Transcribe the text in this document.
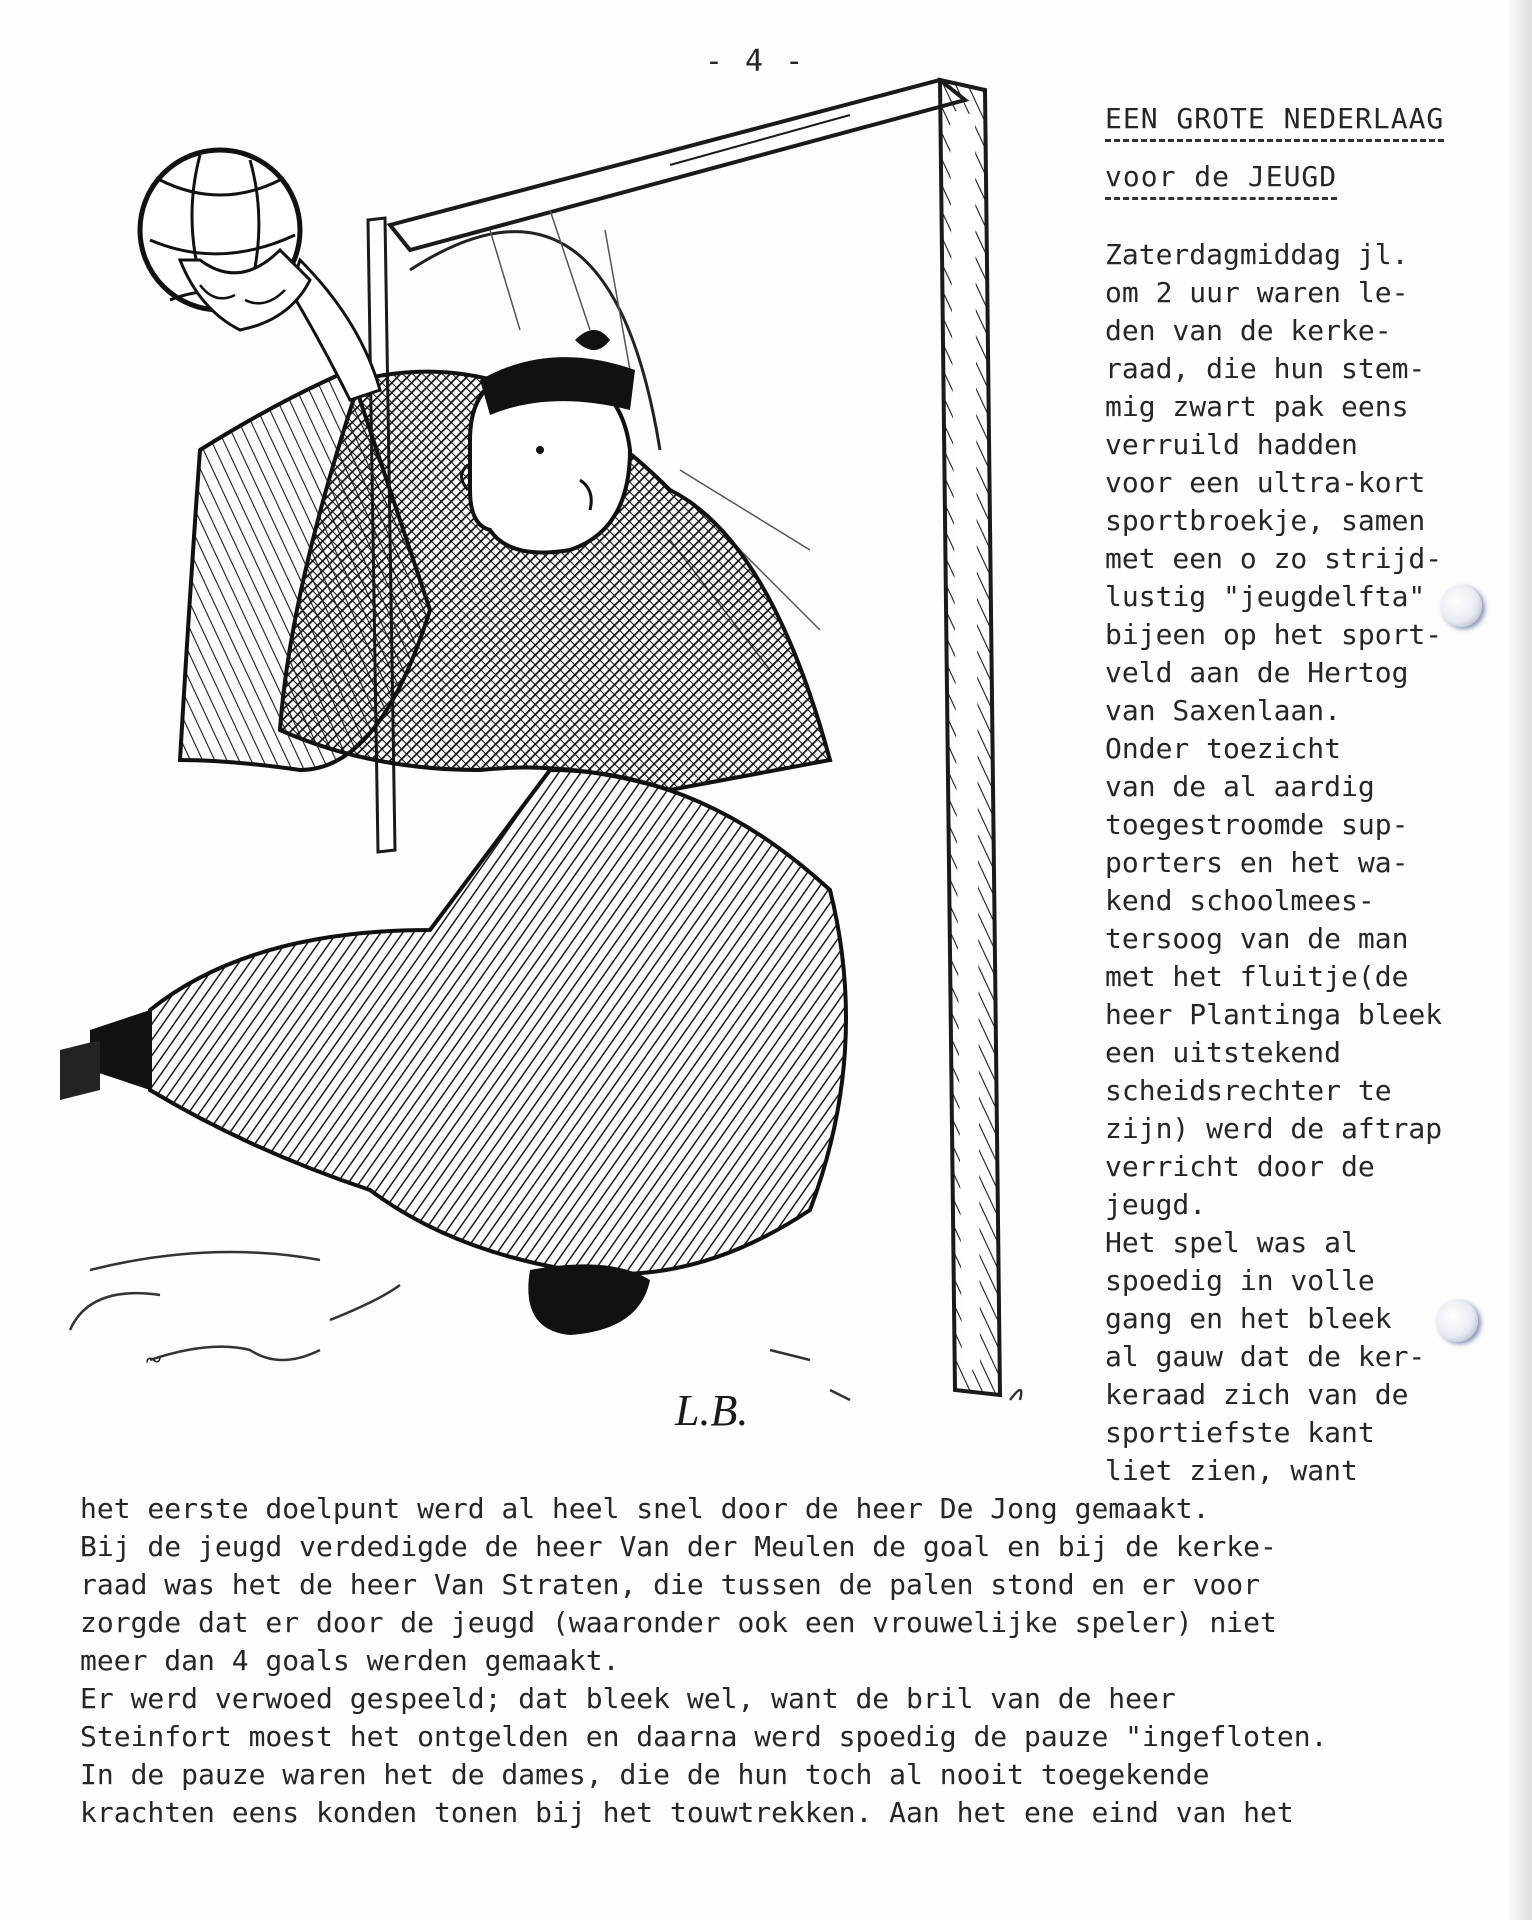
- 4 -
~
L.B.
EEN GROTE NEDERLAAG
voor de JEUGD
Zaterdagmiddag jl.
om 2 uur waren le-
den van de kerke-
raad, die hun stem-
mig zwart pak eens
verruild hadden
voor een ultra-kort
sportbroekje, samen
met een o zo strijd-
lustig "jeugdelfta"
bijeen op het sport-
veld aan de Hertog
van Saxenlaan.
Onder toezicht
van de al aardig
toegestroomde sup-
porters en het wa-
kend schoolmees-
tersoog van de man
met het fluitje(de
heer Plantinga bleek
een uitstekend
scheidsrechter te
zijn) werd de aftrap
verricht door de
jeugd.
Het spel was al
spoedig in volle
gang en het bleek
al gauw dat de ker-
keraad zich van de
sportiefste kant
liet zien, want
het eerste doelpunt werd al heel snel door de heer De Jong gemaakt.
Bij de jeugd verdedigde de heer Van der Meulen de goal en bij de kerke-
raad was het de heer Van Straten, die tussen de palen stond en er voor
zorgde dat er door de jeugd (waaronder ook een vrouwelijke speler) niet
meer dan 4 goals werden gemaakt.
Er werd verwoed gespeeld; dat bleek wel, want de bril van de heer
Steinfort moest het ontgelden en daarna werd spoedig de pauze "ingefloten.
In de pauze waren het de dames, die de hun toch al nooit toegekende
krachten eens konden tonen bij het touwtrekken. Aan het ene eind van het
